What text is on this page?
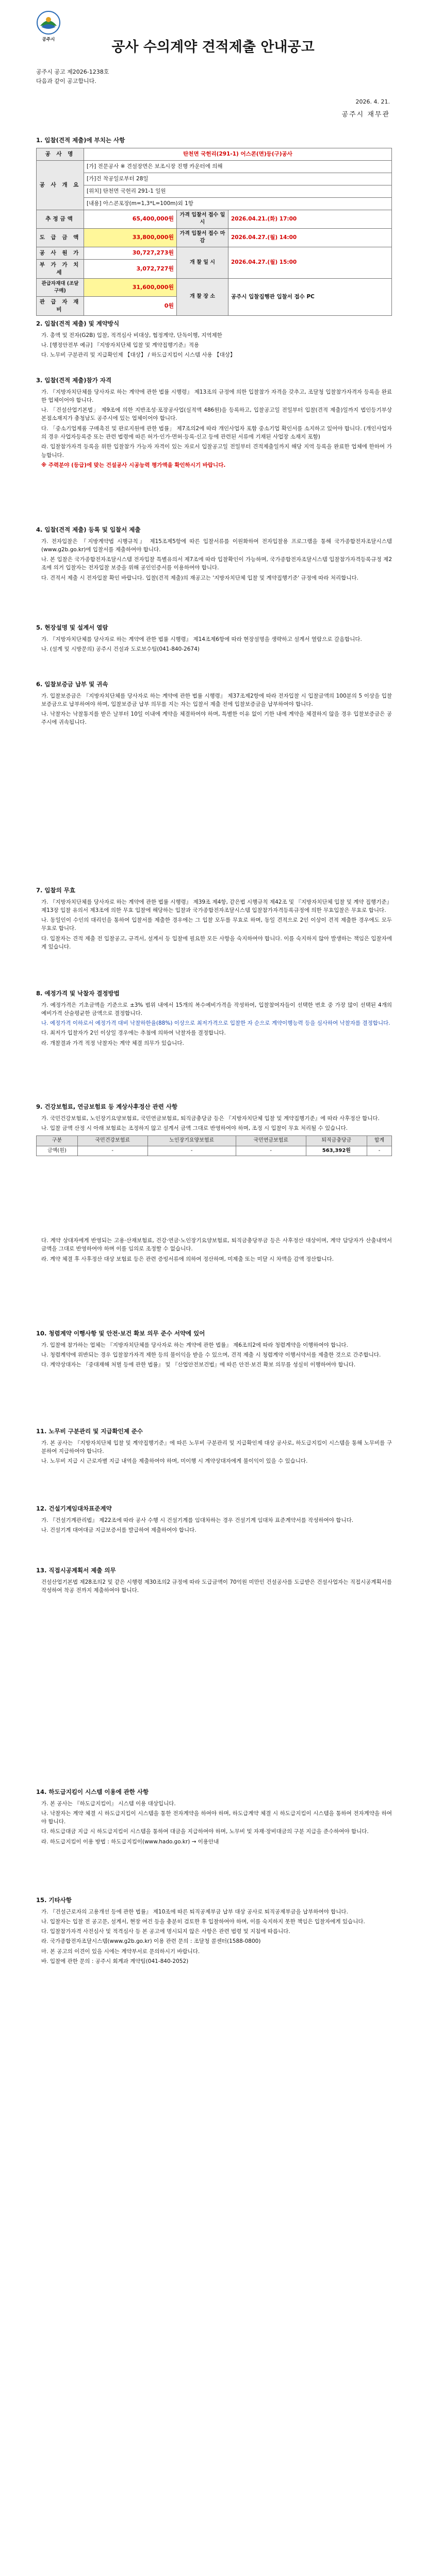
공주시	공사 수의계약 견적제출 안내공고
공주시 공고 제2026-1238호
다음과 같이 공고합니다.
2026. 4. 21.
공주시 재무관
1. 입찰(견적 제출)에 부치는 사항
공 사 명	탄천면 국헌리(291-1) 어스콘(면)등(구)공사		
공 사 개 요	[가] 전문공사 ※ 견설장면은 보조시장 진행 카운터에 의해		
	[가]건 착공일로부터 28일		
	[위치] 탄천면 국헌리 291-1 일원		
	[내용] 아스콘포장(m=1,3*L=100m)외 1항		
추정금액	65,400,000원	가격 입찰서 접수 일시	2026.04.21.(화) 17:00
도 급 금 액	33,800,000원	가격 입찰서 접수 마감	2026.04.27.(월) 14:00
공 사 원 가	30,727,273원	개 찰 일 시	2026.04.27.(월) 15:00
부 가 가 치 세	3,072,727원		
관급자재대 (조달구매)	31,600,000원	개 찰 장 소	공주시 입찰집행관 입찰서 접수 PC
관 급 자 재 비	0원		
2. 입찰(견적 제출) 및 계약방식

가. 총액 및 전자(G2B) 입찰, 적격심사 비대상, 협정계약, 단독이행, 지역제한

나. [행정안전부 예규] 『지방자치단체 입찰 및 계약집행기준』적용

다. 노무비 구분관리 및 지급확인제 【대상】 / 하도급지킴이 시스템 사용 【대상】

3. 입찰(견적 제출)참가 자격

가. 『지방자치단체를 당사자로 하는 계약에 관한 법률 시행령』 제13조의 규정에 의한 입찰참가 자격을 갖추고, 조달청 입찰참가자격자 등록을 완료한 업체이어야 합니다.

나. 「건설산업기본법」 제9조에 의한 지반조성·포장공사업(실적액 486원)을 등록하고, 입찰공고일 전일부터 입찰(견적 제출)일까지 법인등기부상 본점소재지가 충청남도 공주시에 있는 업체이어야 합니다.

다. 「중소기업제품 구매촉진 및 판로지원에 관한 법률」 제7조의2에 따라 개인사업자 포함 중소기업 확인서를 소지하고 있어야 합니다. (개인사업자의 경우 사업자등록증 또는 관련 법령에 따른 허가·인가·면허·등록·신고 등에 관련된 서류에 기재된 사업장 소재지 포함)

라. 입찰참가자격 등록을 위한 입찰참가 가능자 자격이 있는 자로서 입찰공고일 전일부터 견적제출일까지 해당 지역 등록을 완료한 업체에 한하여 가능합니다.

※ 주력분야 (등급)에 맞는 건설공사 시공능력 평가액을 확인하시기 바랍니다.

4. 입찰(견적 제출) 등록 및 입찰서 제출

가. 전자입찰은 『지방계약법 시행규칙』 제15조제5항에 따른 입찰서류를 이원화하여 전자입찰용 프로그램을 통해 국가종합전자조달시스템(www.g2b.go.kr)에 입찰서를 제출하여야 합니다.

나. 본 입찰은 국가종합전자조달시스템 전자입찰 특별유의서 제7조에 따라 입찰확인이 가능하며, 국가종합전자조달시스템 입찰참가자격등록규정 제2조에 의거 입찰자는 전자입찰 보증을 위해 공인인증서를 이용하여야 합니다.

다. 견적서 제출 시 전자입찰 확인 바랍니다. 입찰(견적 제출)의 재공고는 '지방자치단체 입찰 및 계약집행기준' 규정에 따라 처리합니다.

5. 현장설명 및 설계서 열람

가. 『지방자치단체를 당사자로 하는 계약에 관한 법률 시행령』 제14조제6항에 따라 현장설명을 생략하고 설계서 열람으로 갈음합니다.

나. (설계 및 시방문의) 공주시 건설과 도로보수팀(041-840-2674)

6. 입찰보증금 납부 및 귀속

가. 입찰보증금은 『지방자치단체를 당사자로 하는 계약에 관한 법률 시행령』 제37조제2항에 따라 전자입찰 시 입찰금액의 100분의 5 이상을 입찰보증금으로 납부하여야 하며, 입찰보증금 납부 의무를 지는 자는 입찰서 제출 전에 입찰보증금을 납부하여야 합니다.

나. 낙찰자는 낙찰통지를 받은 날부터 10일 이내에 계약을 체결하여야 하며, 특별한 이유 없이 기한 내에 계약을 체결하지 않을 경우 입찰보증금은 공주시에 귀속됩니다.

7. 입찰의 무효

가. 『지방자치단체를 당사자로 하는 계약에 관한 법률 시행령』 제39조 제4항, 같은법 시행규칙 제42조 및 『지방자치단체 입찰 및 계약 집행기준』 제13장 입찰 유의서 제3조에 의한 무효 입찰에 해당하는 입찰과 국가종합전자조달시스템 입찰참가자격등록규정에 의한 무효입찰은 무효로 합니다.

나. 동일인이 수인의 대리인을 통하여 입찰서를 제출한 경우에는 그 입찰 모두를 무효로 하며, 동일 견적으로 2인 이상이 견적 제출한 경우에도 모두 무효로 합니다.

다. 입찰자는 견적 제출 전 입찰공고, 규격서, 설계서 등 입찰에 필요한 모든 사항을 숙지하여야 합니다. 이를 숙지하지 않아 발생하는 책임은 입찰자에게 있습니다.

8. 예정가격 및 낙찰자 결정방법

가. 예정가격은 기초금액을 기준으로 ±3% 범위 내에서 15개의 복수예비가격을 작성하여, 입찰참여자들이 선택한 번호 중 가장 많이 선택된 4개의 예비가격 산술평균한 금액으로 결정합니다.

나. 예정가격 이하로서 예정가격 대비 낙찰하한율(88%) 이상으로 최저가격으로 입찰한 자 순으로 계약이행능력 등을 심사하여 낙찰자를 결정합니다.

다. 최저가 입찰자가 2인 이상일 경우에는 추첨에 의하여 낙찰자를 결정합니다.

라. 개찰결과 가격 적정 낙찰자는 계약 체결 의무가 있습니다.

9. 건강보험료, 연금보험료 등 계상사후정산 관련 사항

가. 국민건강보험료, 노인장기요양보험료, 국민연금보험료, 퇴직금충당금 등은 『지방자치단체 입찰 및 계약집행기준』에 따라 사후정산 합니다.

나. 입찰 금액 산정 시 아래 보험료는 조정하지 않고 설계서 금액 그대로 반영하여야 하며, 조정 시 입찰이 무효 처리될 수 있습니다.

구분	국민건강보험료	노인장기요양보험료	국민연금보험료	퇴직금충당금	합계
금액(원)	-	-	-	563,392원	-

다. 계약 상대자에게 반영되는 고용·산재보험료, 건강·연금·노인장기요양보험료, 퇴직금충당부금 등은 사후정산 대상이며, 계약 담당자가 산출내역서 금액을 그대로 반영하여야 하며 이를 임의로 조정할 수 없습니다.

라. 계약 체결 후 사후정산 대상 보험료 등은 관련 증빙서류에 의하여 정산하며, 미제출 또는 미달 시 차액을 감액 정산합니다.

10. 청렴계약 이행사항 및 안전·보건 확보 의무 준수 서약에 있어

가. 입찰에 참가하는 업체는 『지방자치단체를 당사자로 하는 계약에 관한 법률』 제6조의2에 따라 청렴계약을 이행하여야 합니다.

나. 청렴계약에 위반되는 경우 입찰참가자격 제한 등의 불이익을 받을 수 있으며, 견적 제출 시 청렴계약 이행서약서를 제출한 것으로 간주합니다.

다. 계약상대자는 『중대재해 처벌 등에 관한 법률』 및 『산업안전보건법』에 따른 안전·보건 확보 의무를 성실히 이행하여야 합니다.

11. 노무비 구분관리 및 지급확인제 준수

가. 본 공사는 『지방자치단체 입찰 및 계약집행기준』에 따른 노무비 구분관리 및 지급확인제 대상 공사로, 하도급지킴이 시스템을 통해 노무비를 구분하여 지급하여야 합니다.

나. 노무비 지급 시 근로자별 지급 내역을 제출하여야 하며, 미이행 시 계약상대자에게 불이익이 있을 수 있습니다.

12. 건설기계임대차표준계약

가. 『건설기계관리법』 제22조에 따라 공사 수행 시 건설기계를 임대차하는 경우 건설기계 임대차 표준계약서를 작성하여야 합니다.

나. 건설기계 대여대금 지급보증서를 발급하여 제출하여야 합니다.

13. 직접시공계획서 제출 의무

건설산업기본법 제28조의2 및 같은 시행령 제30조의2 규정에 따라 도급금액이 70억원 미만인 건설공사를 도급받은 건설사업자는 직접시공계획서를 작성하여 착공 전까지 제출하여야 합니다.

14. 하도급지킴이 시스템 이용에 관한 사항

가. 본 공사는 『하도급지킴이』 시스템 이용 대상입니다.

나. 낙찰자는 계약 체결 시 하도급지킴이 시스템을 통한 전자계약을 하여야 하며, 하도급계약 체결 시 하도급지킴이 시스템을 통하여 전자계약을 하여야 합니다.

다. 하도급대금 지급 시 하도급지킴이 시스템을 통하여 대금을 지급하여야 하며, 노무비 및 자재·장비대금의 구분 지급을 준수하여야 합니다.

라. 하도급지킴이 이용 방법 : 하도급지킴이(www.hado.go.kr) → 이용안내

15. 기타사항

가. 『건설근로자의 고용개선 등에 관한 법률』 제10조에 따른 퇴직공제부금 납부 대상 공사로 퇴직공제부금을 납부하여야 합니다.

나. 입찰자는 입찰 전 공고문, 설계서, 현장 여건 등을 충분히 검토한 후 입찰하여야 하며, 이를 숙지하지 못한 책임은 입찰자에게 있습니다.

다. 입찰참가자격 사전심사 및 적격심사 등 본 공고에 명시되지 않은 사항은 관련 법령 및 지침에 따릅니다.

라. 국가종합전자조달시스템(www.g2b.go.kr) 이용 관련 문의 : 조달청 콜센터(1588-0800)

마. 본 공고의 이견이 있을 시에는 계약부서로 문의하시기 바랍니다.

바. 입찰에 관한 문의 : 공주시 회계과 계약팀(041-840-2052)
